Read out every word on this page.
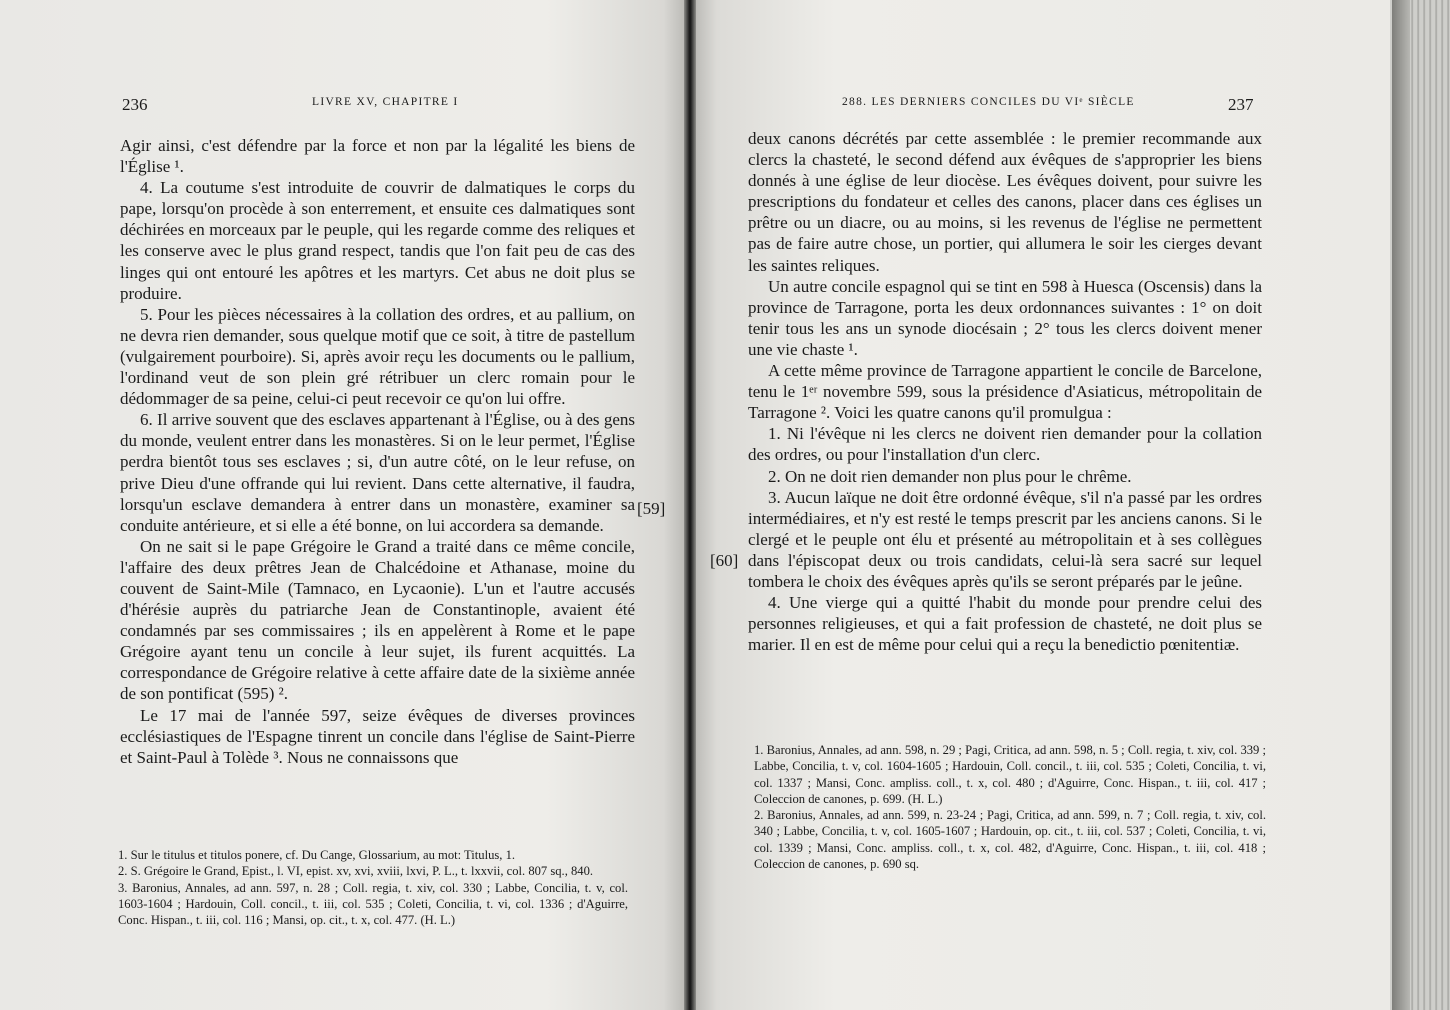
236	LIVRE XV, CHAPITRE I

Agir ainsi, c'est défendre par la force et non par la légalité les biens de l'Église ¹.

4. La coutume s'est introduite de couvrir de dalmatiques le corps du pape, lorsqu'on procède à son enterrement, et ensuite ces dalmatiques sont déchirées en morceaux par le peuple, qui les regarde comme des reliques et les conserve avec le plus grand respect, tandis que l'on fait peu de cas des linges qui ont entouré les apôtres et les martyrs. Cet abus ne doit plus se produire.

5. Pour les pièces nécessaires à la collation des ordres, et au pallium, on ne devra rien demander, sous quelque motif que ce soit, à titre de pastellum (vulgairement pourboire). Si, après avoir reçu les documents ou le pallium, l'ordinand veut de son plein gré rétribuer un clerc romain pour le dédommager de sa peine, celui-ci peut recevoir ce qu'on lui offre.

6. Il arrive souvent que des esclaves appartenant à l'Église, ou à des gens du monde, veulent entrer dans les monastères. Si on le leur permet, l'Église perdra bientôt tous ses esclaves ; si, d'un autre côté, on le leur refuse, on prive Dieu d'une offrande qui lui revient. Dans cette alternative, il faudra, lorsqu'un esclave demandera à entrer dans un monastère, examiner sa conduite antérieure, et si elle a été bonne, on lui accordera sa demande.

On ne sait si le pape Grégoire le Grand a traité dans ce même concile, l'affaire des deux prêtres Jean de Chalcédoine et Athanase, moine du couvent de Saint-Mile (Tamnaco, en Lycaonie). L'un et l'autre accusés d'hérésie auprès du patriarche Jean de Constantinople, avaient été condamnés par ses commissaires ; ils en appelèrent à Rome et le pape Grégoire ayant tenu un concile à leur sujet, ils furent acquittés. La correspondance de Grégoire relative à cette affaire date de la sixième année de son pontificat (595) ².

Le 17 mai de l'année 597, seize évêques de diverses provinces ecclésiastiques de l'Espagne tinrent un concile dans l'église de Saint-Pierre et Saint-Paul à Tolède ³. Nous ne connaissons que

[59]

1. Sur le titulus et titulos ponere, cf. Du Cange, Glossarium, au mot: Titulus, 1.

2. S. Grégoire le Grand, Epist., l. VI, epist. xv, xvi, xviii, lxvi, P. L., t. lxxvii, col. 807 sq., 840.

3. Baronius, Annales, ad ann. 597, n. 28 ; Coll. regia, t. xiv, col. 330 ; Labbe, Concilia, t. v, col. 1603-1604 ; Hardouin, Coll. concil., t. iii, col. 535 ; Coleti, Concilia, t. vi, col. 1336 ; d'Aguirre, Conc. Hispan., t. iii, col. 116 ; Mansi, op. cit., t. x, col. 477. (H. L.)

288. LES DERNIERS CONCILES DU VIᵉ SIÈCLE	237

deux canons décrétés par cette assemblée : le premier recommande aux clercs la chasteté, le second défend aux évêques de s'approprier les biens donnés à une église de leur diocèse. Les évêques doivent, pour suivre les prescriptions du fondateur et celles des canons, placer dans ces églises un prêtre ou un diacre, ou au moins, si les revenus de l'église ne permettent pas de faire autre chose, un portier, qui allumera le soir les cierges devant les saintes reliques.

Un autre concile espagnol qui se tint en 598 à Huesca (Oscensis) dans la province de Tarragone, porta les deux ordonnances suivantes : 1° on doit tenir tous les ans un synode diocésain ; 2° tous les clercs doivent mener une vie chaste ¹.

A cette même province de Tarragone appartient le concile de Barcelone, tenu le 1ᵉʳ novembre 599, sous la présidence d'Asiaticus, métropolitain de Tarragone ². Voici les quatre canons qu'il promulgua :

1. Ni l'évêque ni les clercs ne doivent rien demander pour la collation des ordres, ou pour l'installation d'un clerc.

2. On ne doit rien demander non plus pour le chrême.

3. Aucun laïque ne doit être ordonné évêque, s'il n'a passé par les ordres intermédiaires, et n'y est resté le temps prescrit par les anciens canons. Si le clergé et le peuple ont élu et présenté au métropolitain et à ses collègues dans l'épiscopat deux ou trois candidats, celui-là sera sacré sur lequel tombera le choix des évêques après qu'ils se seront préparés par le jeûne.

4. Une vierge qui a quitté l'habit du monde pour prendre celui des personnes religieuses, et qui a fait profession de chasteté, ne doit plus se marier. Il en est de même pour celui qui a reçu la benedictio pœnitentiæ.

[60]

1. Baronius, Annales, ad ann. 598, n. 29 ; Pagi, Critica, ad ann. 598, n. 5 ; Coll. regia, t. xiv, col. 339 ; Labbe, Concilia, t. v, col. 1604-1605 ; Hardouin, Coll. concil., t. iii, col. 535 ; Coleti, Concilia, t. vi, col. 1337 ; Mansi, Conc. ampliss. coll., t. x, col. 480 ; d'Aguirre, Conc. Hispan., t. iii, col. 417 ; Coleccion de canones, p. 699. (H. L.)

2. Baronius, Annales, ad ann. 599, n. 23-24 ; Pagi, Critica, ad ann. 599, n. 7 ; Coll. regia, t. xiv, col. 340 ; Labbe, Concilia, t. v, col. 1605-1607 ; Hardouin, op. cit., t. iii, col. 537 ; Coleti, Concilia, t. vi, col. 1339 ; Mansi, Conc. ampliss. coll., t. x, col. 482, d'Aguirre, Conc. Hispan., t. iii, col. 418 ; Coleccion de canones, p. 690 sq.
